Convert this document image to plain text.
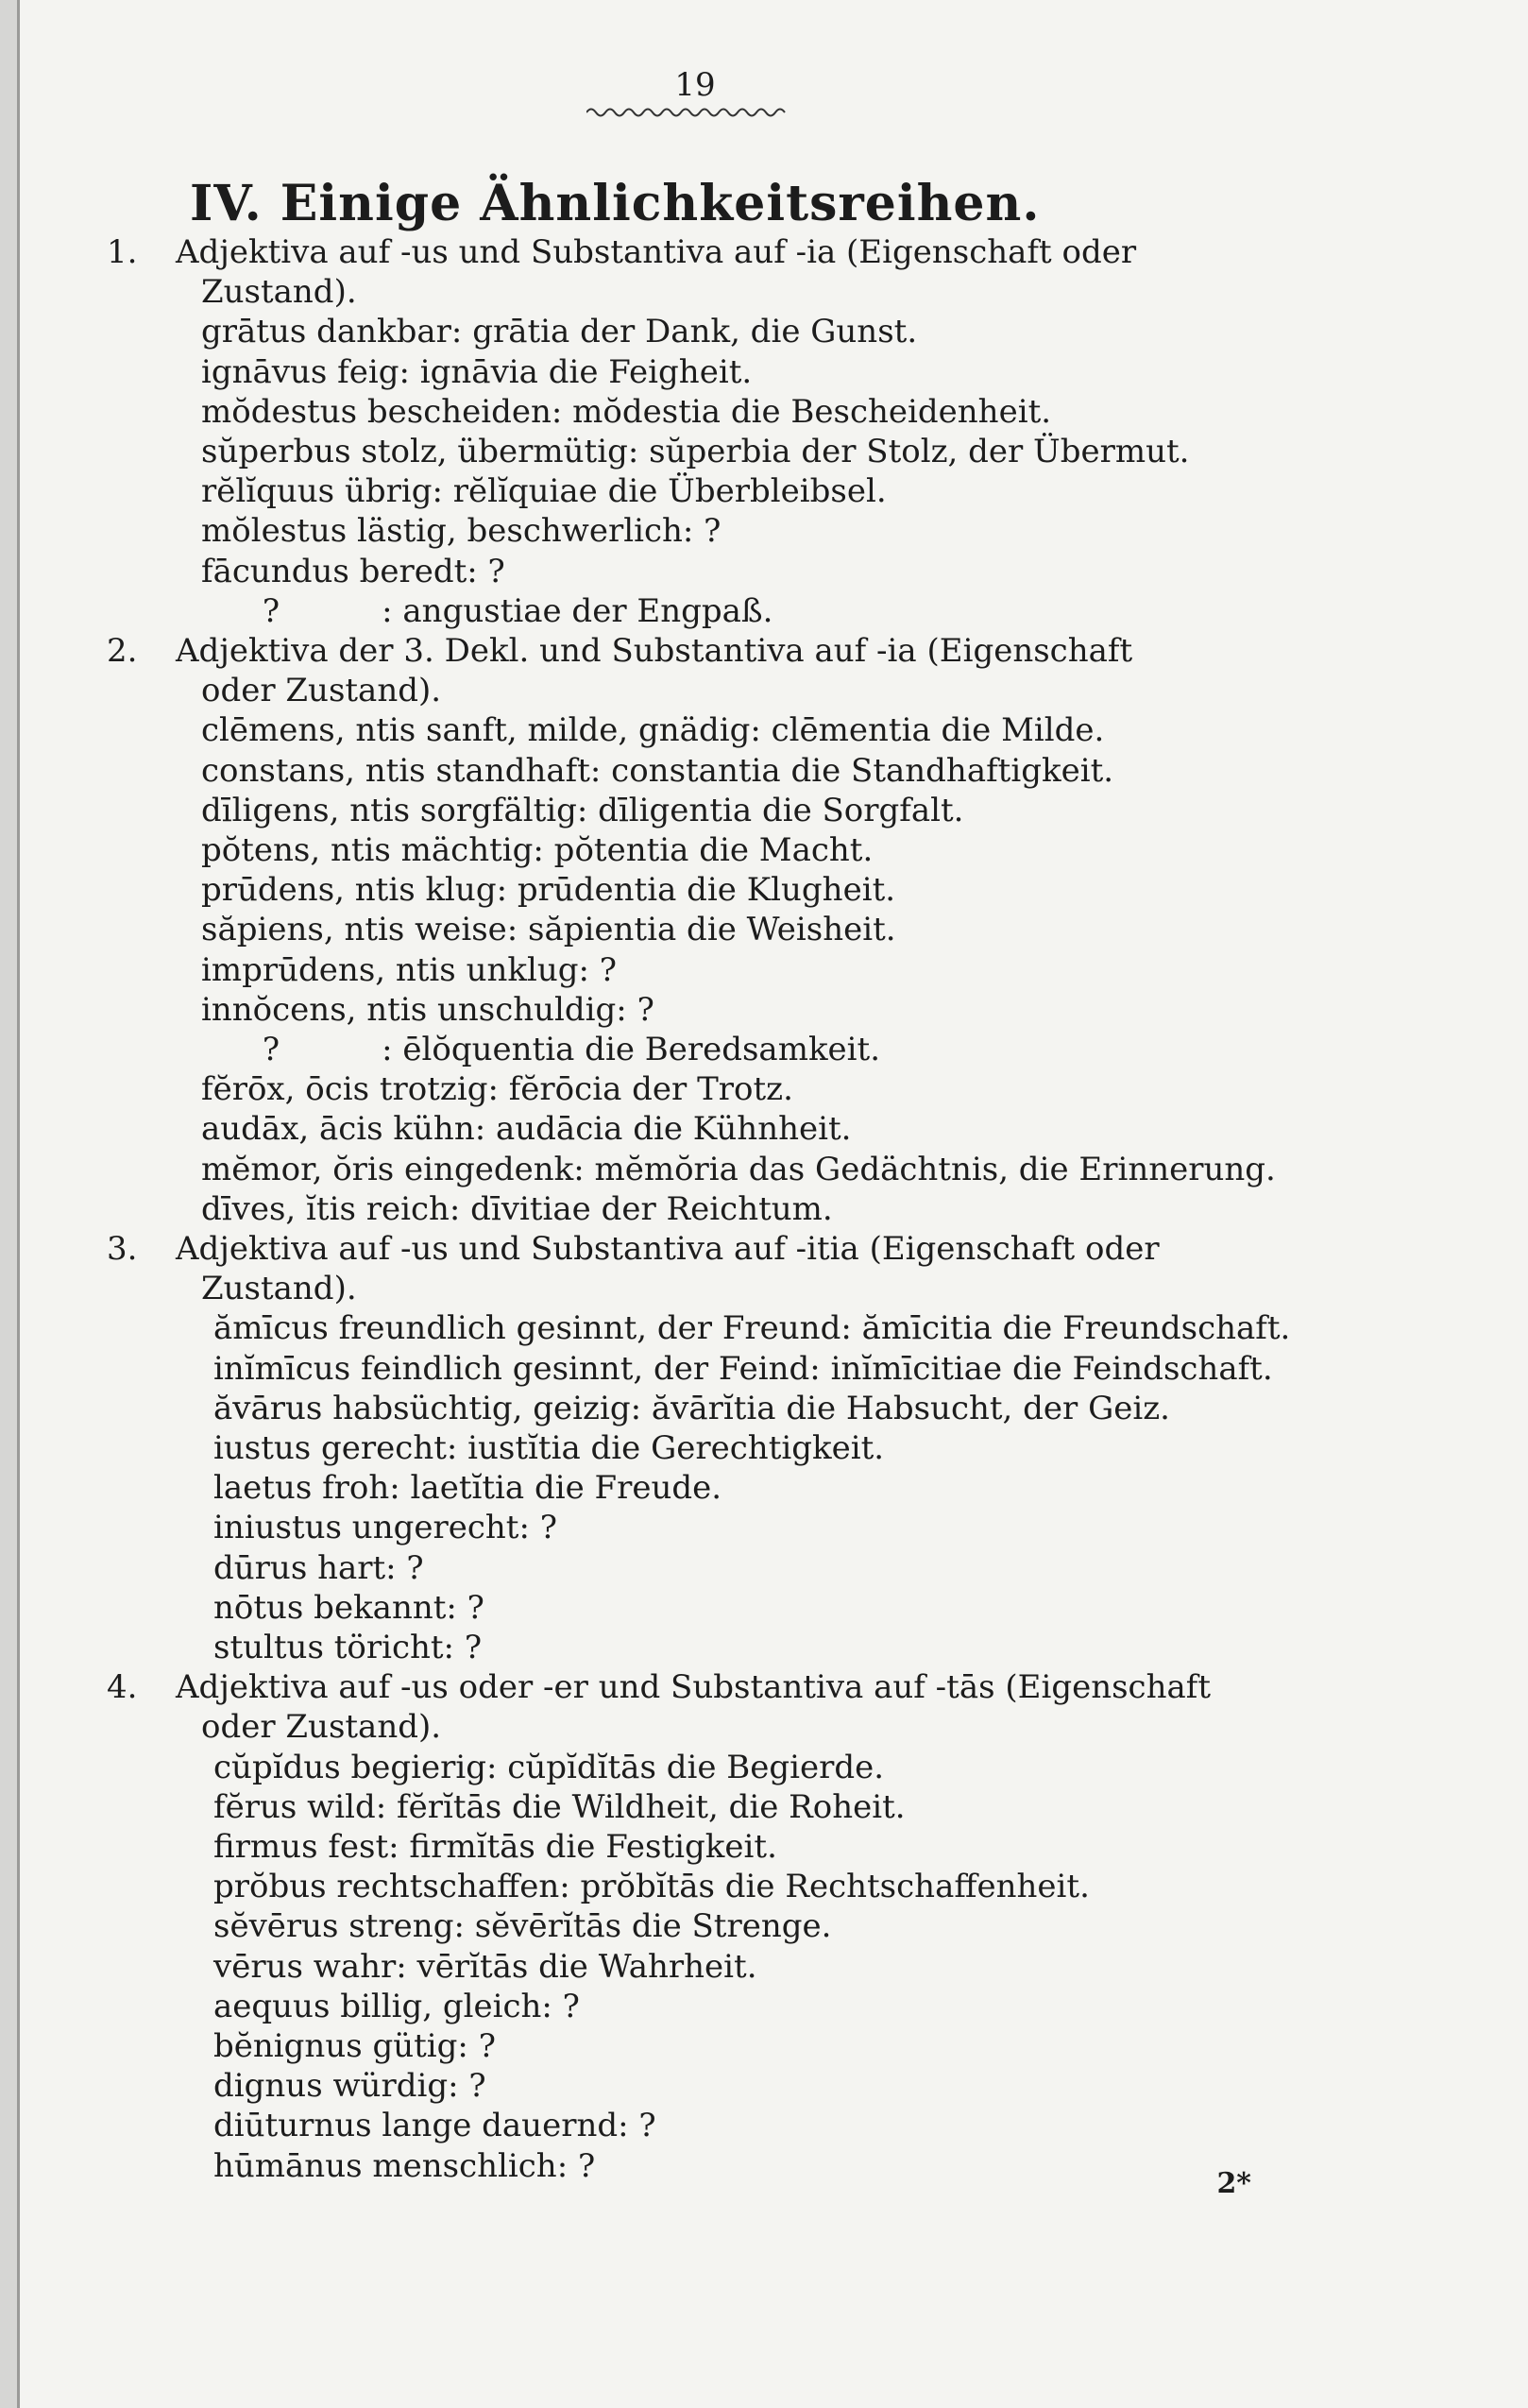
19
IV. Einige Ähnlichkeitsreihen.
1.	Adjektiva auf -us und Substantiva auf -ia (Eigenschaft oder
Zustand).
grātus dankbar: grātia der Dank, die Gunst.
ignāvus feig: ignāvia die Feigheit.
mŏdestus bescheiden: mŏdestia die Bescheidenheit.
sŭperbus stolz, übermütig: sŭperbia der Stolz, der Übermut.
rĕlĭquus übrig: rĕlĭquiae die Überbleibsel.
mŏlestus lästig, beschwerlich: ?
fācundus beredt: ?
?          : angustiae der Engpaß.
2.	Adjektiva der 3. Dekl. und Substantiva auf -ia (Eigenschaft
oder Zustand).
clēmens, ntis sanft, milde, gnädig: clēmentia die Milde.
constans, ntis standhaft: constantia die Standhaftigkeit.
dīligens, ntis sorgfältig: dīligentia die Sorgfalt.
pŏtens, ntis mächtig: pŏtentia die Macht.
prūdens, ntis klug: prūdentia die Klugheit.
săpiens, ntis weise: săpientia die Weisheit.
imprūdens, ntis unklug: ?
innŏcens, ntis unschuldig: ?
?          : ēlŏquentia die Beredsamkeit.
fĕrōx, ōcis trotzig: fĕrōcia der Trotz.
audāx, ācis kühn: audācia die Kühnheit.
mĕmor, ŏris eingedenk: mĕmŏria das Gedächtnis, die Erinnerung.
dīves, ĭtis reich: dīvitiae der Reichtum.
3.	Adjektiva auf -us und Substantiva auf -itia (Eigenschaft oder
Zustand).
ămīcus freundlich gesinnt, der Freund: ămīcitia die Freundschaft.
inĭmīcus feindlich gesinnt, der Feind: inĭmīcitiae die Feindschaft.
ăvārus habsüchtig, geizig: ăvārĭtia die Habsucht, der Geiz.
iustus gerecht: iustĭtia die Gerechtigkeit.
laetus froh: laetĭtia die Freude.
iniustus ungerecht: ?
dūrus hart: ?
nōtus bekannt: ?
stultus töricht: ?
4.	Adjektiva auf -us oder -er und Substantiva auf -tās (Eigenschaft
oder Zustand).
cŭpĭdus begierig: cŭpĭdĭtās die Begierde.
fĕrus wild: fĕrĭtās die Wildheit, die Roheit.
firmus fest: firmĭtās die Festigkeit.
prŏbus rechtschaffen: prŏbĭtās die Rechtschaffenheit.
sĕvērus streng: sĕvērĭtās die Strenge.
vērus wahr: vērĭtās die Wahrheit.
aequus billig, gleich: ?
bĕnignus gütig: ?
dignus würdig: ?
diūturnus lange dauernd: ?
hūmānus menschlich: ?	2*
